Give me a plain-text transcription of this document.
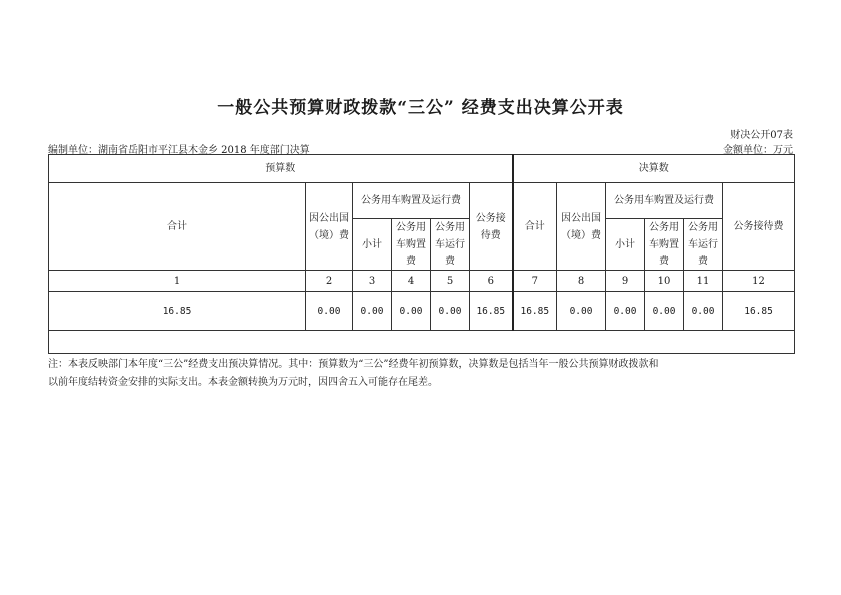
一般公共预算财政拨款“三公” 经费支出决算公开表
财决公开07表
编制单位：湖南省岳阳市平江县木金乡 2018 年度部门决算	金额单位：万元
预算数						决算数					
合计	因公出国（境）费	公务用车购置及运行费			公务接待费	合计	因公出国（境）费	公务用车购置及运行费			公务接待费
		小计	公务用车购置费	公务用车运行费				小计	公务用车购置费	公务用车运行费	
1	2	3	4	5	6	7	8	9	10	11	12
16.85	0.00	0.00	0.00	0.00	16.85	16.85	0.00	0.00	0.00	0.00	16.85

注：本表反映部门本年度“三公”经费支出预决算情况。其中：预算数为“三公”经费年初预算数，决算数是包括当年一般公共预算财政拨款和以前年度结转资金安排的实际支出。本表金额转换为万元时，因四舍五入可能存在尾差。
